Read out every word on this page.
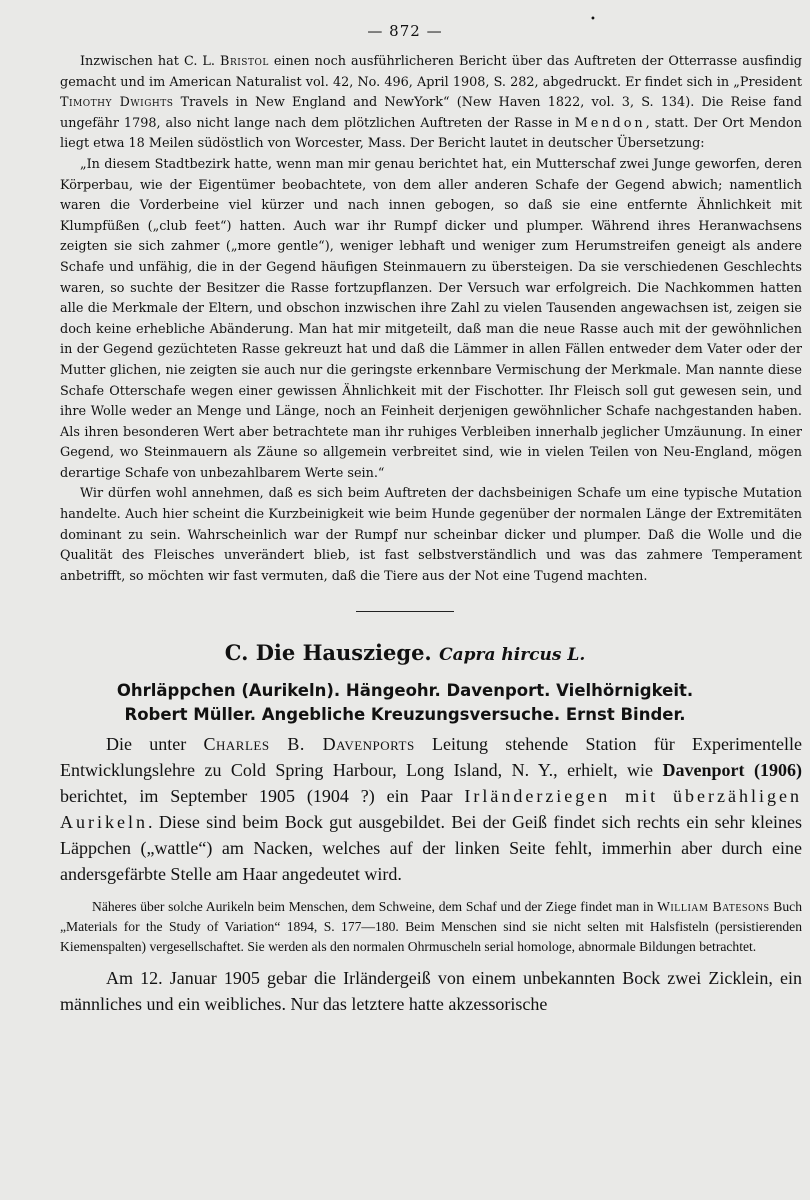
— 872 —
•

Inzwischen hat C. L. Bristol einen noch ausführlicheren Bericht über das Auftreten der Otterrasse ausfindig gemacht und im American Naturalist vol. 42, No. 496, April 1908, S. 282, abgedruckt. Er findet sich in „President Timothy Dwights Travels in New England and NewYork“ (New Haven 1822, vol. 3, S. 134). Die Reise fand ungefähr 1798, also nicht lange nach dem plötzlichen Auftreten der Rasse in Mendon, statt. Der Ort Mendon liegt etwa 18 Meilen südöstlich von Worcester, Mass. Der Bericht lautet in deutscher Übersetzung:

„In diesem Stadtbezirk hatte, wenn man mir genau berichtet hat, ein Mutterschaf zwei Junge geworfen, deren Körperbau, wie der Eigentümer beobachtete, von dem aller anderen Schafe der Gegend abwich; namentlich waren die Vorderbeine viel kürzer und nach innen gebogen, so daß sie eine entfernte Ähnlichkeit mit Klumpfüßen („club feet“) hatten. Auch war ihr Rumpf dicker und plumper. Während ihres Heranwachsens zeigten sie sich zahmer („more gentle“), weniger lebhaft und weniger zum Herumstreifen geneigt als andere Schafe und unfähig, die in der Gegend häufigen Steinmauern zu übersteigen. Da sie verschiedenen Geschlechts waren, so suchte der Besitzer die Rasse fortzupflanzen. Der Versuch war erfolgreich. Die Nachkommen hatten alle die Merkmale der Eltern, und obschon inzwischen ihre Zahl zu vielen Tausenden angewachsen ist, zeigen sie doch keine erhebliche Abänderung. Man hat mir mitgeteilt, daß man die neue Rasse auch mit der gewöhnlichen in der Gegend gezüchteten Rasse gekreuzt hat und daß die Lämmer in allen Fällen entweder dem Vater oder der Mutter glichen, nie zeigten sie auch nur die geringste erkennbare Vermischung der Merkmale. Man nannte diese Schafe Otterschafe wegen einer gewissen Ähnlichkeit mit der Fischotter. Ihr Fleisch soll gut gewesen sein, und ihre Wolle weder an Menge und Länge, noch an Feinheit derjenigen gewöhnlicher Schafe nachgestanden haben. Als ihren besonderen Wert aber betrachtete man ihr ruhiges Verbleiben innerhalb jeglicher Umzäunung. In einer Gegend, wo Steinmauern als Zäune so allgemein verbreitet sind, wie in vielen Teilen von Neu-England, mögen derartige Schafe von unbezahlbarem Werte sein.“

Wir dürfen wohl annehmen, daß es sich beim Auftreten der dachsbeinigen Schafe um eine typische Mutation handelte. Auch hier scheint die Kurzbeinigkeit wie beim Hunde gegenüber der normalen Länge der Extremitäten dominant zu sein. Wahrscheinlich war der Rumpf nur scheinbar dicker und plumper. Daß die Wolle und die Qualität des Fleisches unverändert blieb, ist fast selbstverständlich und was das zahmere Temperament anbetrifft, so möchten wir fast vermuten, daß die Tiere aus der Not eine Tugend machten.

C. Die Hausziege. Capra hircus L.
Ohrläppchen (Aurikeln). Hängeohr. Davenport. Vielhörnigkeit.
Robert Müller. Angebliche Kreuzungsversuche. Ernst Binder.

Die unter Charles B. Davenports Leitung stehende Station für Experimentelle Entwicklungslehre zu Cold Spring Harbour, Long Island, N. Y., erhielt, wie Davenport (1906) berichtet, im September 1905 (1904 ?) ein Paar Irländerziegen mit überzähligen Aurikeln. Diese sind beim Bock gut ausgebildet. Bei der Geiß findet sich rechts ein sehr kleines Läppchen („wattle“) am Nacken, welches auf der linken Seite fehlt, immerhin aber durch eine andersgefärbte Stelle am Haar angedeutet wird.

Näheres über solche Aurikeln beim Menschen, dem Schweine, dem Schaf und der Ziege findet man in William Batesons Buch „Materials for the Study of Variation“ 1894, S. 177—180. Beim Menschen sind sie nicht selten mit Halsfisteln (persistierenden Kiemenspalten) vergesellschaftet. Sie werden als den normalen Ohrmuscheln serial homologe, abnormale Bildungen betrachtet.

Am 12. Januar 1905 gebar die Irländergeiß von einem unbekannten Bock zwei Zicklein, ein männliches und ein weibliches. Nur das letztere hatte akzessorische
